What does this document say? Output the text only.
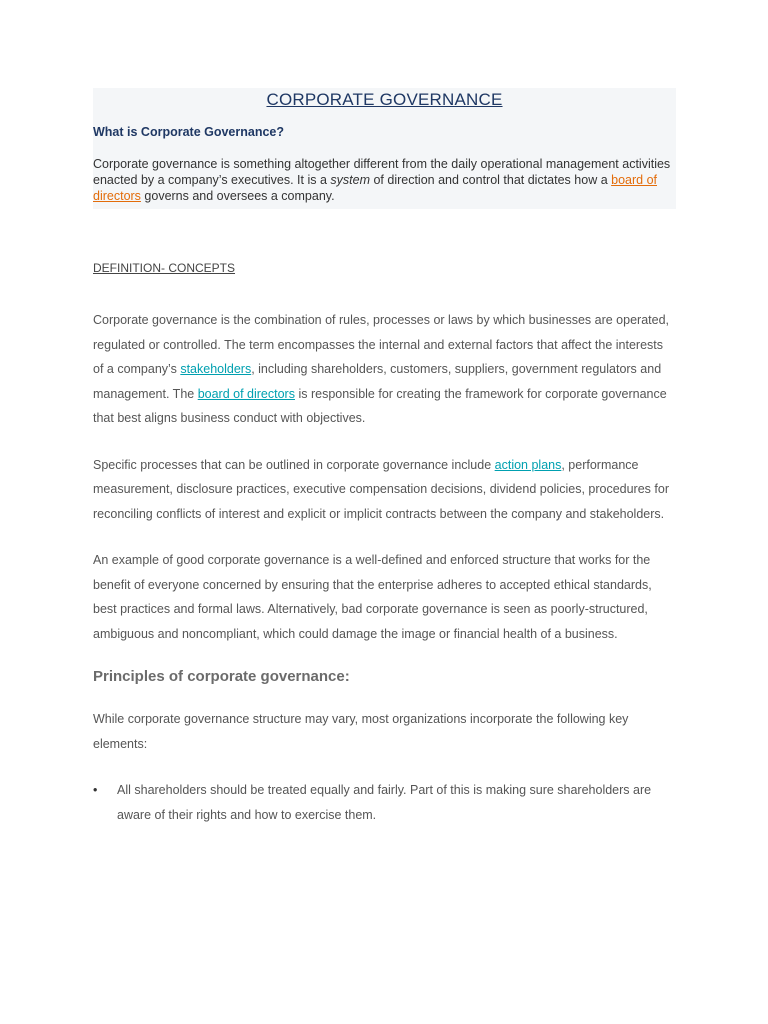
CORPORATE GOVERNANCE

What is Corporate Governance?

Corporate governance is something altogether different from the daily operational management activities enacted by a company’s executives. It is a system of direction and control that dictates how a board of directors governs and oversees a company.

DEFINITION- CONCEPTS

Corporate governance is the combination of rules, processes or laws by which businesses are operated, regulated or controlled. The term encompasses the internal and external factors that affect the interests of a company’s stakeholders, including shareholders, customers, suppliers, government regulators and management. The board of directors is responsible for creating the framework for corporate governance that best aligns business conduct with objectives.

Specific processes that can be outlined in corporate governance include action plans, performance measurement, disclosure practices, executive compensation decisions, dividend policies, procedures for reconciling conflicts of interest and explicit or implicit contracts between the company and stakeholders.

An example of good corporate governance is a well-defined and enforced structure that works for the benefit of everyone concerned by ensuring that the enterprise adheres to accepted ethical standards, best practices and formal laws. Alternatively, bad corporate governance is seen as poorly-structured, ambiguous and noncompliant, which could damage the image or financial health of a business.

Principles of corporate governance:

While corporate governance structure may vary, most organizations incorporate the following key elements:

• All shareholders should be treated equally and fairly. Part of this is making sure shareholders are aware of their rights and how to exercise them.
